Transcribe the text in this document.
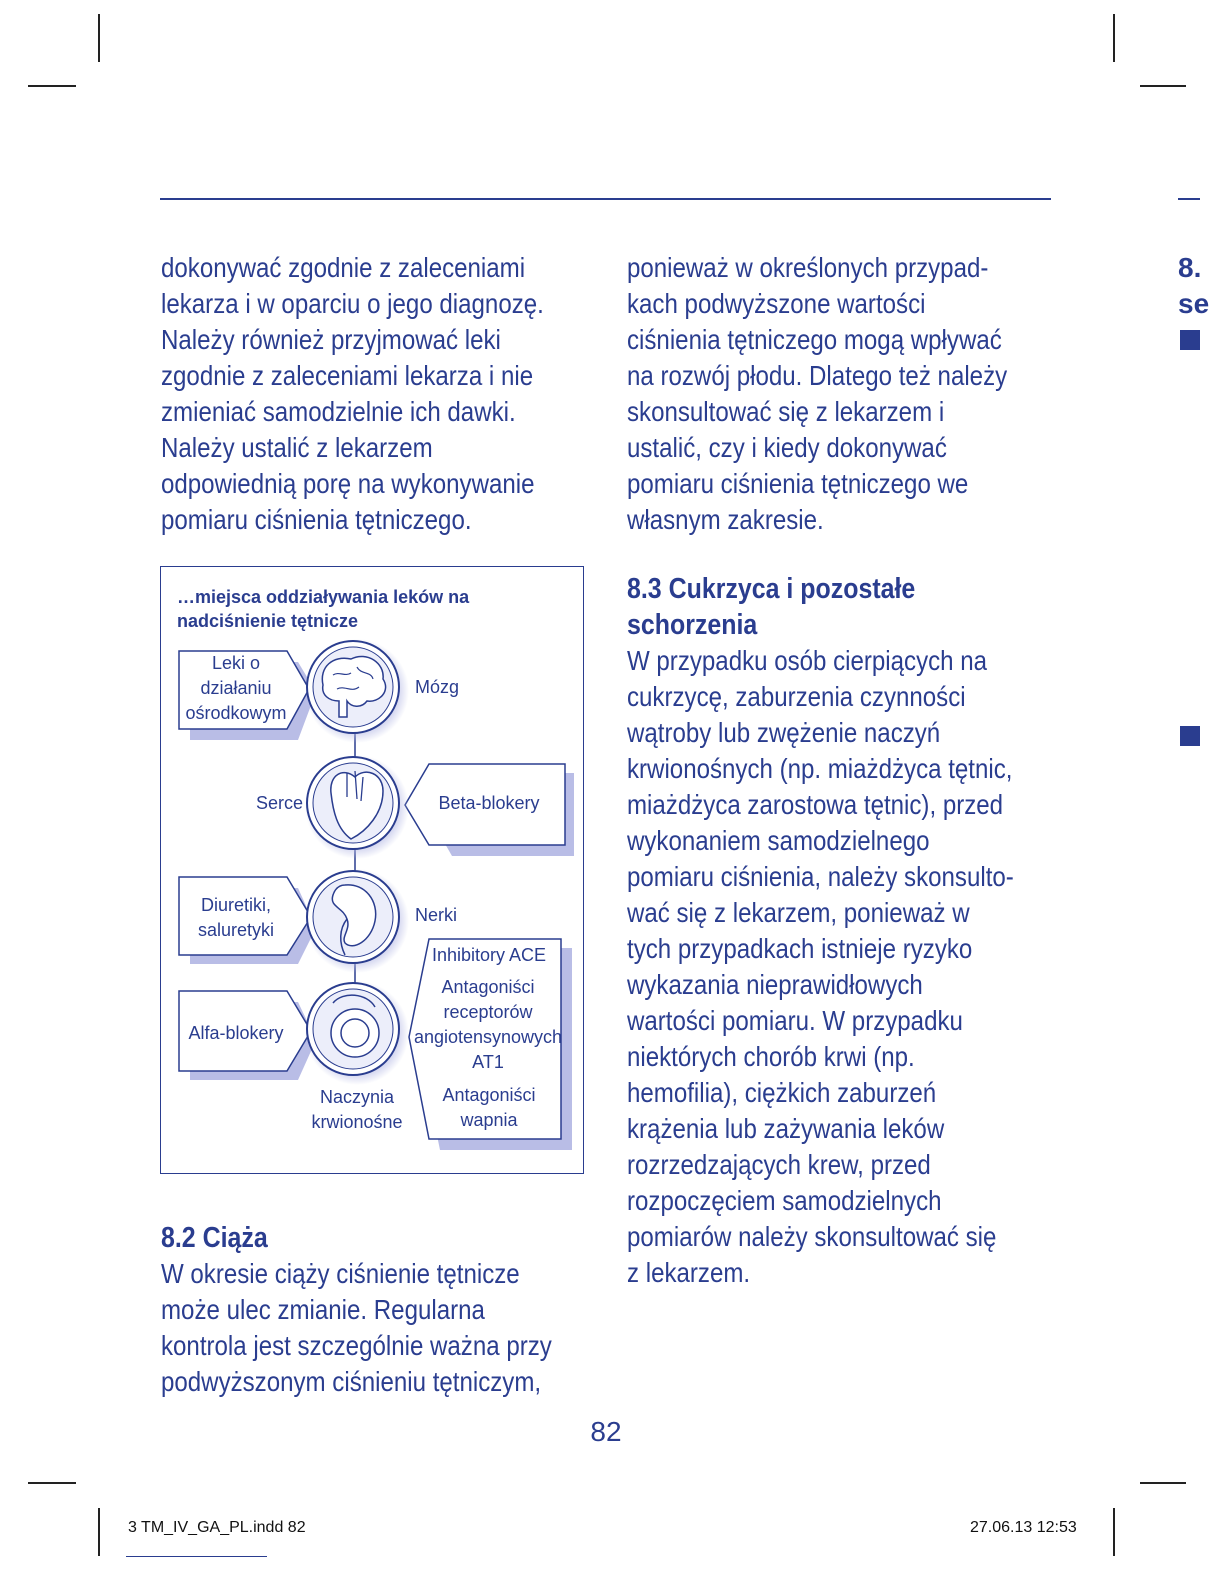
8.
se

dokonywać zgodnie z zaleceniami

lekarza i w oparciu o jego diagnozę.

Należy również przyjmować leki

zgodnie z zaleceniami lekarza i nie

zmieniać samodzielnie ich dawki.

Należy ustalić z lekarzem

odpowiednią porę na wykonywanie

pomiaru ciśnienia tętniczego.

…miejsca oddziaływania leków na
nadciśnienie tętnicze
Leki o
działaniu
ośrodkowym
Mózg
Serce	Beta-blokery
Diuretiki,
saluretyki
Nerki
Inhibitory ACE
Antagoniści
receptorów
angiotensynowych
AT1
Antagoniści
wapnia
Alfa-blokery
Naczynia
krwionośne

8.2 Ciąża

W okresie ciąży ciśnienie tętnicze

może ulec zmianie. Regularna

kontrola jest szczególnie ważna przy

podwyższonym ciśnieniu tętniczym,

ponieważ w określonych przypad-

kach podwyższone wartości

ciśnienia tętniczego mogą wpływać

na rozwój płodu. Dlatego też należy

skonsultować się z lekarzem i

ustalić, czy i kiedy dokonywać

pomiaru ciśnienia tętniczego we

własnym zakresie.

8.3 Cukrzyca i pozostałe

schorzenia

W przypadku osób cierpiących na

cukrzycę, zaburzenia czynności

wątroby lub zwężenie naczyń

krwionośnych (np. miażdżyca tętnic,

miażdżyca zarostowa tętnic), przed

wykonaniem samodzielnego

pomiaru ciśnienia, należy skonsulto-

wać się z lekarzem, ponieważ w

tych przypadkach istnieje ryzyko

wykazania nieprawidłowych

wartości pomiaru. W przypadku

niektórych chorób krwi (np.

hemofilia), ciężkich zaburzeń

krążenia lub zażywania leków

rozrzedzających krew, przed

rozpoczęciem samodzielnych

pomiarów należy skonsultować się

z lekarzem.

82
3 TM_IV_GA_PL.indd 82	27.06.13 12:53
